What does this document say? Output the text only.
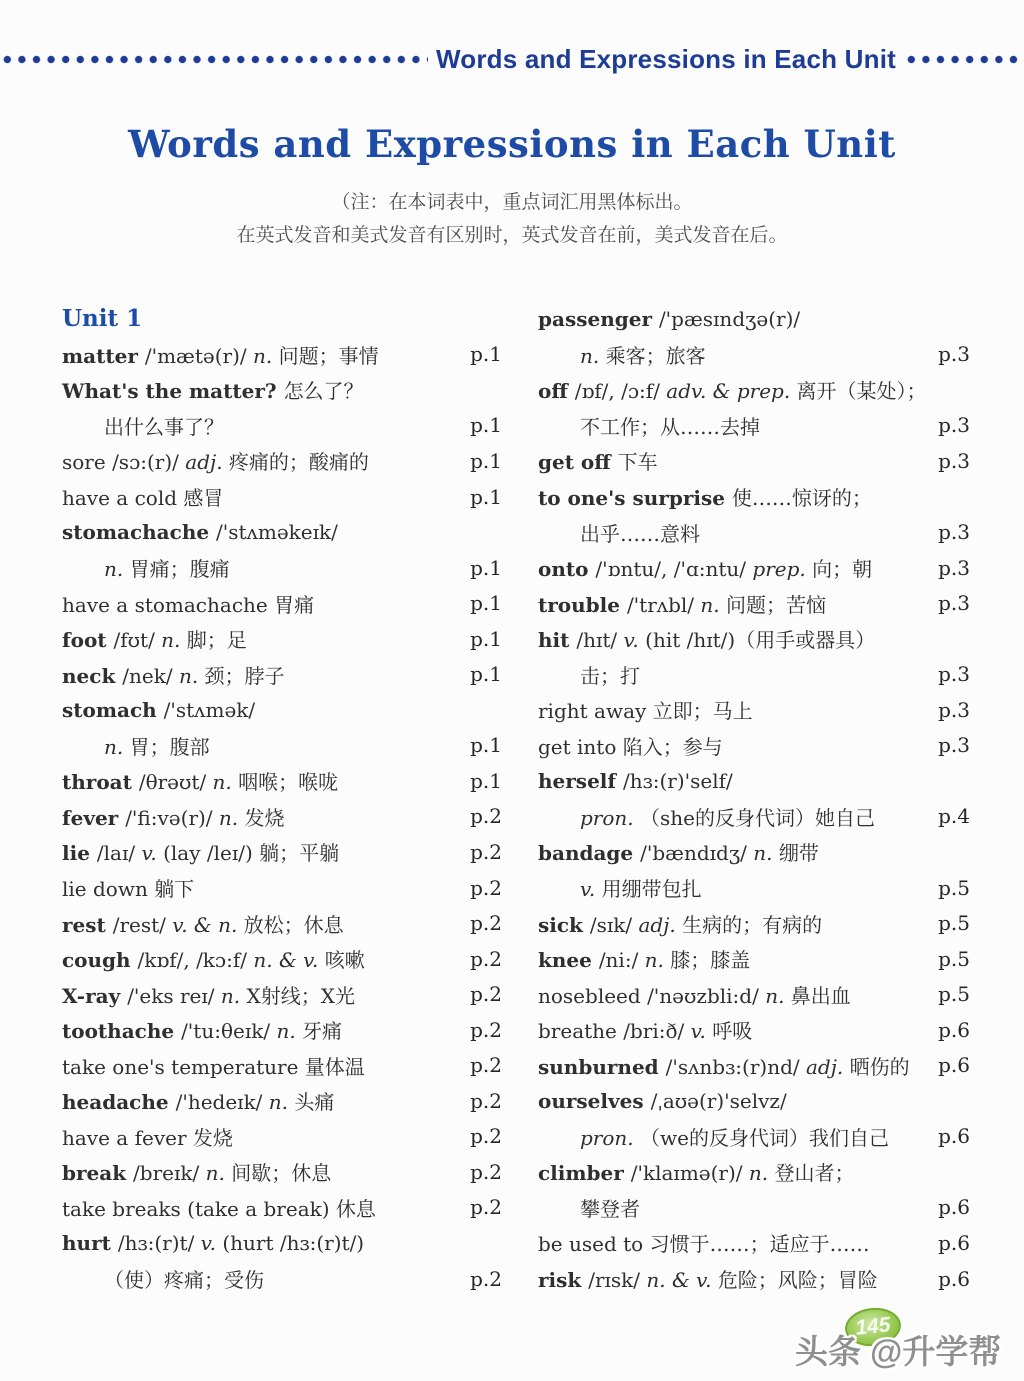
Words and Expressions in Each Unit
Words and Expressions in Each Unit
（注：在本词表中，重点词汇用黑体标出。
在英式发音和美式发音有区别时，英式发音在前，美式发音在后。
Unit 1
matter /'mætə(r)/ n. 问题；事情	p.1
What's the matter? 怎么了？
出什么事了？	p.1
sore /sɔ:(r)/ adj. 疼痛的；酸痛的	p.1
have a cold 感冒	p.1
stomachache /'stʌməkeɪk/
n. 胃痛；腹痛	p.1
have a stomachache 胃痛	p.1
foot /fʊt/ n. 脚；足	p.1
neck /nek/ n. 颈；脖子	p.1
stomach /'stʌmək/
n. 胃；腹部	p.1
throat /θrəʊt/ n. 咽喉；喉咙	p.1
fever /'fi:və(r)/ n. 发烧	p.2
lie /laɪ/ v. (lay /leɪ/) 躺；平躺	p.2
lie down 躺下	p.2
rest /rest/ v. & n. 放松；休息	p.2
cough /kɒf/, /kɔ:f/ n. & v. 咳嗽	p.2
X-ray /'eks reɪ/ n. X射线；X光	p.2
toothache /'tu:θeɪk/ n. 牙痛	p.2
take one's temperature 量体温	p.2
headache /'hedeɪk/ n. 头痛	p.2
have a fever 发烧	p.2
break /breɪk/ n. 间歇；休息	p.2
take breaks (take a break) 休息	p.2
hurt /hɜ:(r)t/ v. (hurt /hɜ:(r)t/)
（使）疼痛；受伤	p.2
passenger /'pæsɪndʒə(r)/
n. 乘客；旅客	p.3
off /ɒf/, /ɔ:f/ adv. & prep. 离开（某处）；
不工作；从……去掉	p.3
get off 下车	p.3
to one's surprise 使……惊讶的；
出乎……意料	p.3
onto /'ɒntu/, /'ɑ:ntu/ prep. 向；朝	p.3
trouble /'trʌbl/ n. 问题；苦恼	p.3
hit /hɪt/ v. (hit /hɪt/)（用手或器具）
击；打	p.3
right away 立即；马上	p.3
get into 陷入；参与	p.3
herself /hɜ:(r)'self/
pron. （she的反身代词）她自己	p.4
bandage /'bændɪdʒ/ n. 绷带
v. 用绷带包扎	p.5
sick /sɪk/ adj. 生病的；有病的	p.5
knee /ni:/ n. 膝；膝盖	p.5
nosebleed /'nəʊzbli:d/ n. 鼻出血	p.5
breathe /bri:ð/ v. 呼吸	p.6
sunburned /'sʌnbɜ:(r)nd/ adj. 晒伤的	p.6
ourselves /ˌaʊə(r)'selvz/
pron. （we的反身代词）我们自己	p.6
climber /'klaɪmə(r)/ n. 登山者；
攀登者	p.6
be used to 习惯于……；适应于……	p.6
risk /rɪsk/ n. & v. 危险；风险；冒险	p.6
145
头条 @升学帮
